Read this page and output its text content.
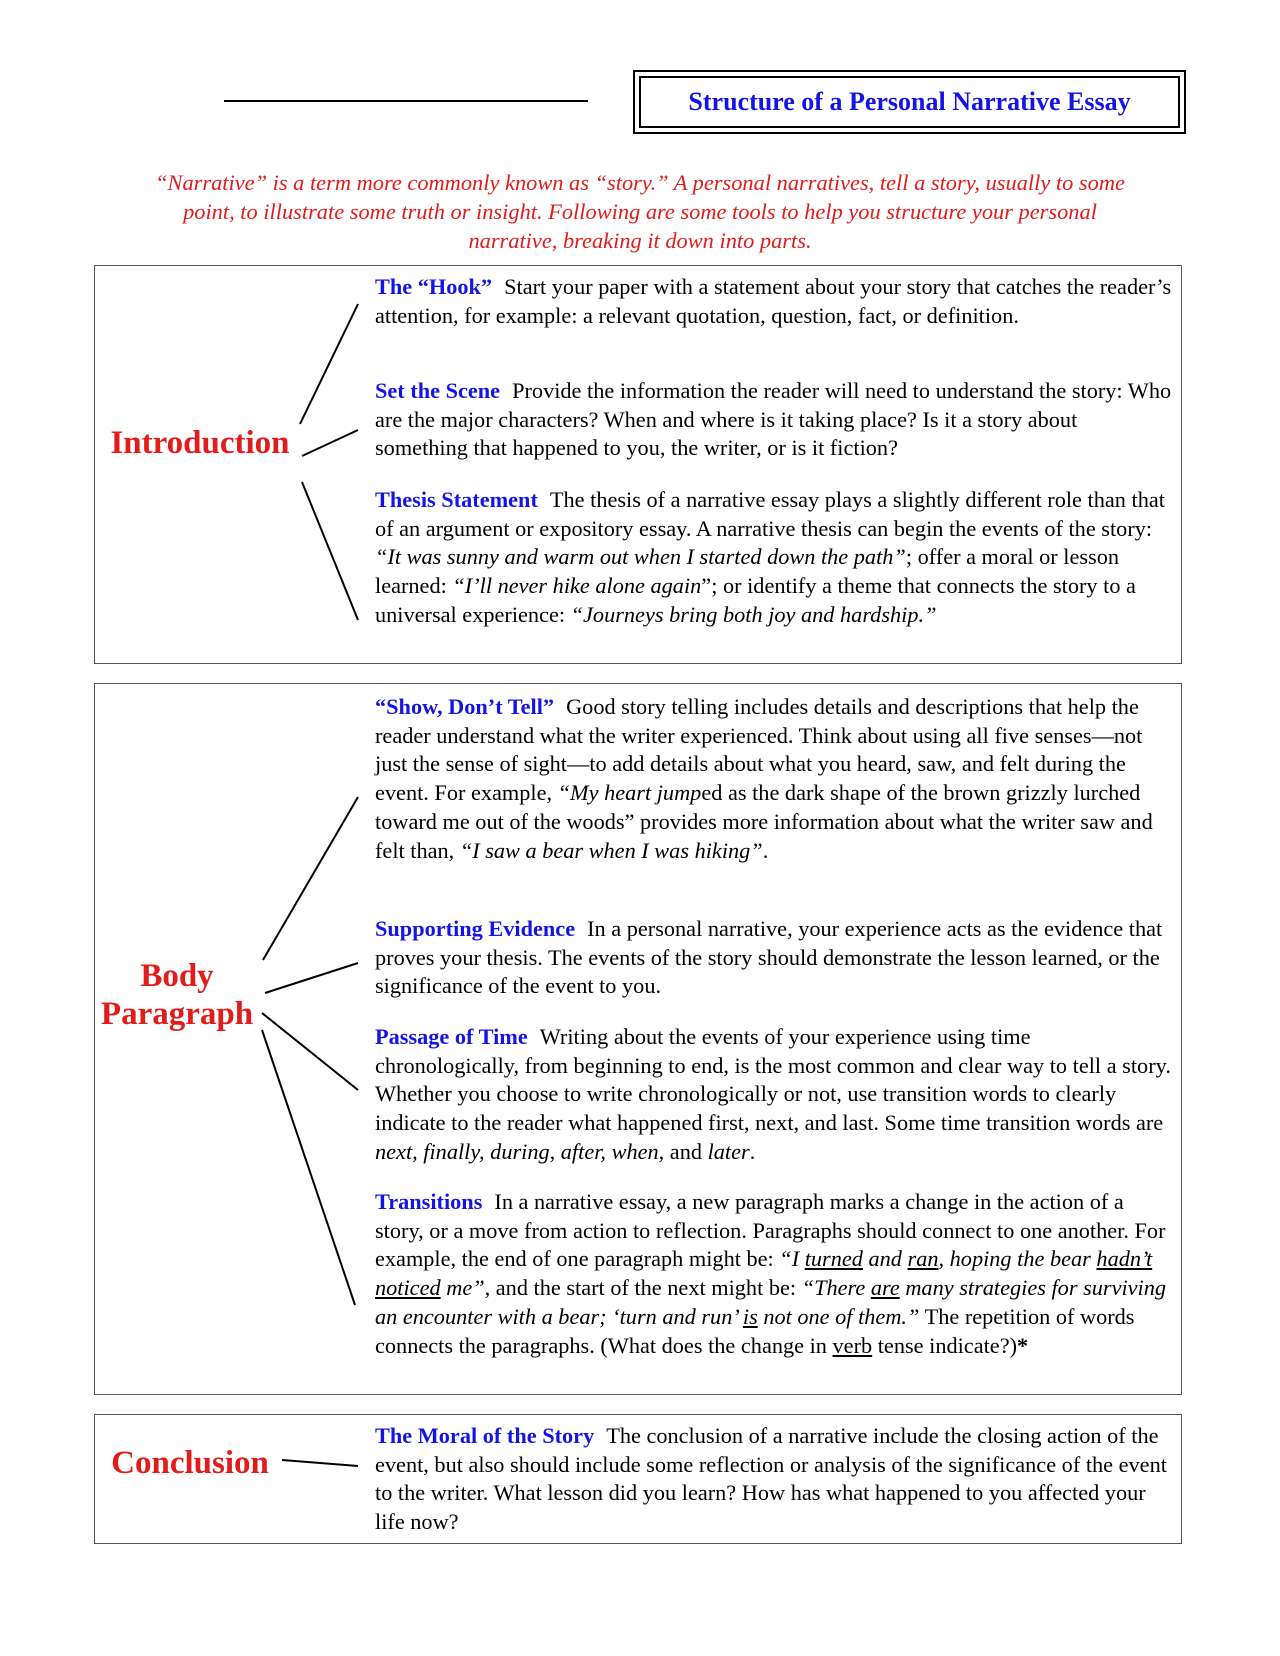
Structure of a Personal Narrative Essay
“Narrative” is a term more commonly known as “story.” A personal narratives, tell a story, usually to some point, to illustrate some truth or insight. Following are some tools to help you structure your personal narrative, breaking it down into parts.
Introduction
The “Hook” Start your paper with a statement about your story that catches the reader’s attention, for example: a relevant quotation, question, fact, or definition.
Set the Scene Provide the information the reader will need to understand the story: Who are the major characters? When and where is it taking place? Is it a story about something that happened to you, the writer, or is it fiction?
Thesis Statement The thesis of a narrative essay plays a slightly different role than that of an argument or expository essay. A narrative thesis can begin the events of the story: “It was sunny and warm out when I started down the path”; offer a moral or lesson learned: “I’ll never hike alone again”; or identify a theme that connects the story to a universal experience: “Journeys bring both joy and hardship.”
Body
Paragraph
“Show, Don’t Tell” Good story telling includes details and descriptions that help the reader understand what the writer experienced. Think about using all five senses—not just the sense of sight—to add details about what you heard, saw, and felt during the event. For example, “My heart jumped as the dark shape of the brown grizzly lurched toward me out of the woods” provides more information about what the writer saw and felt than, “I saw a bear when I was hiking”.
Supporting Evidence In a personal narrative, your experience acts as the evidence that proves your thesis. The events of the story should demonstrate the lesson learned, or the significance of the event to you.
Passage of Time Writing about the events of your experience using time chronologically, from beginning to end, is the most common and clear way to tell a story. Whether you choose to write chronologically or not, use transition words to clearly indicate to the reader what happened first, next, and last. Some time transition words are next, finally, during, after, when, and later.
Transitions In a narrative essay, a new paragraph marks a change in the action of a story, or a move from action to reflection. Paragraphs should connect to one another. For example, the end of one paragraph might be: “I turned and ran, hoping the bear hadn’t noticed me”, and the start of the next might be: “There are many strategies for surviving an encounter with a bear; ‘turn and run’ is not one of them.” The repetition of words connects the paragraphs. (What does the change in verb tense indicate?)*
Conclusion
The Moral of the Story The conclusion of a narrative include the closing action of the event, but also should include some reflection or analysis of the significance of the event to the writer. What lesson did you learn? How has what happened to you affected your life now?
